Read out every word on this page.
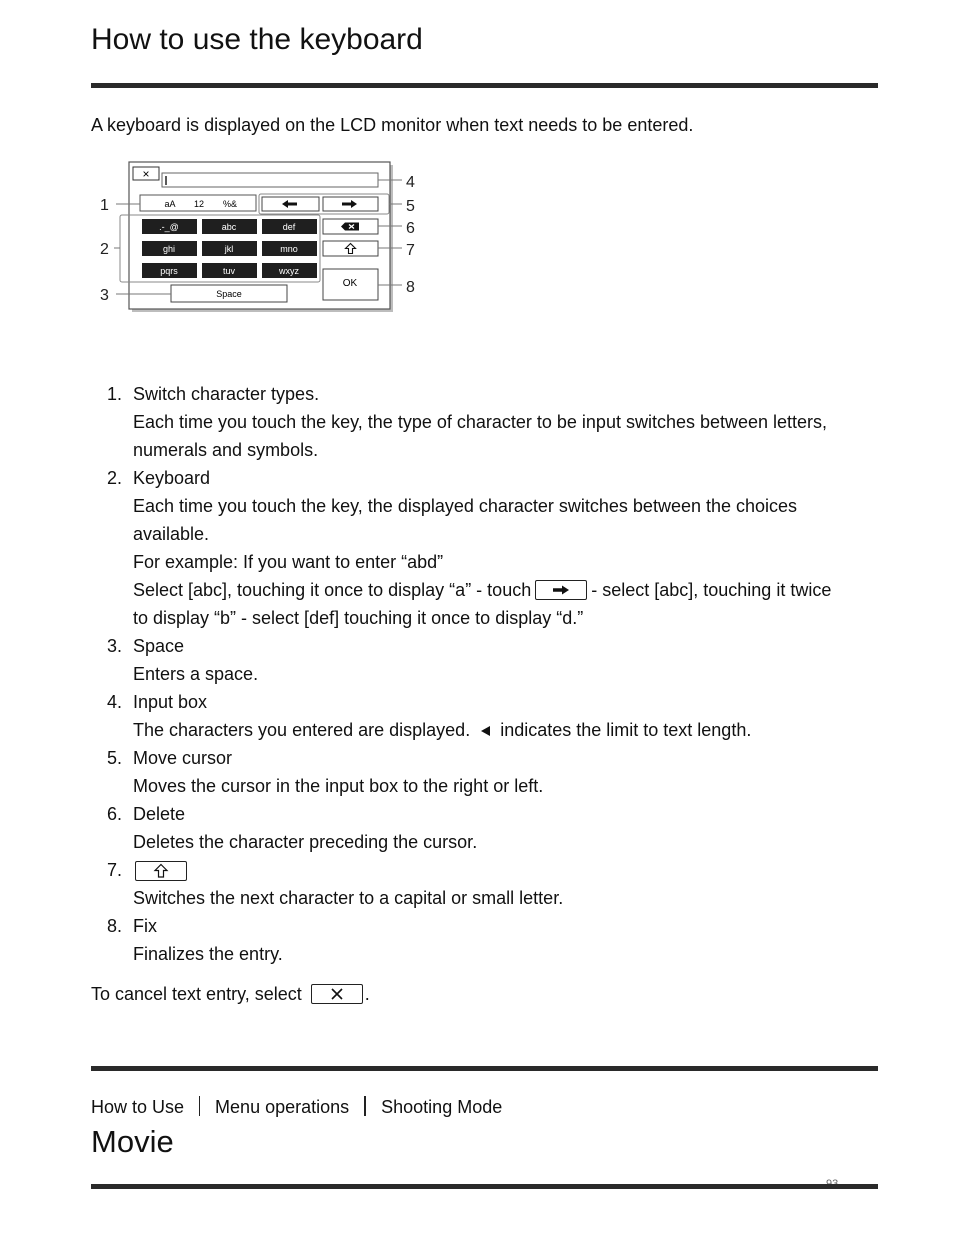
How to use the keyboard
A keyboard is displayed on the LCD monitor when text needs to be entered.
×
aA 12 %&
.-_@	abc	def
ghi	jkl	mno
pqrs	tuv	wxyz
OK
Space
1
2
3
4
5
6
7
8
1. Switch character types.
Each time you touch the key, the type of character to be input switches between letters,
numerals and symbols.
2. Keyboard
Each time you touch the key, the displayed character switches between the choices
available.
For example: If you want to enter “abd”
Select [abc], touching it once to display “a” - touch	- select [abc], touching it twice
to display “b” - select [def] touching it once to display “d.”
3. Space
Enters a space.
4. Input box
The characters you entered are displayed. indicates the limit to text length.
5. Move cursor
Moves the cursor in the input box to the right or left.
6. Delete
Deletes the character preceding the cursor.
7.
Switches the next character to a capital or small letter.
8. Fix
Finalizes the entry.
To cancel text entry, select	.
How to Use Menu operations Shooting Mode
Movie
